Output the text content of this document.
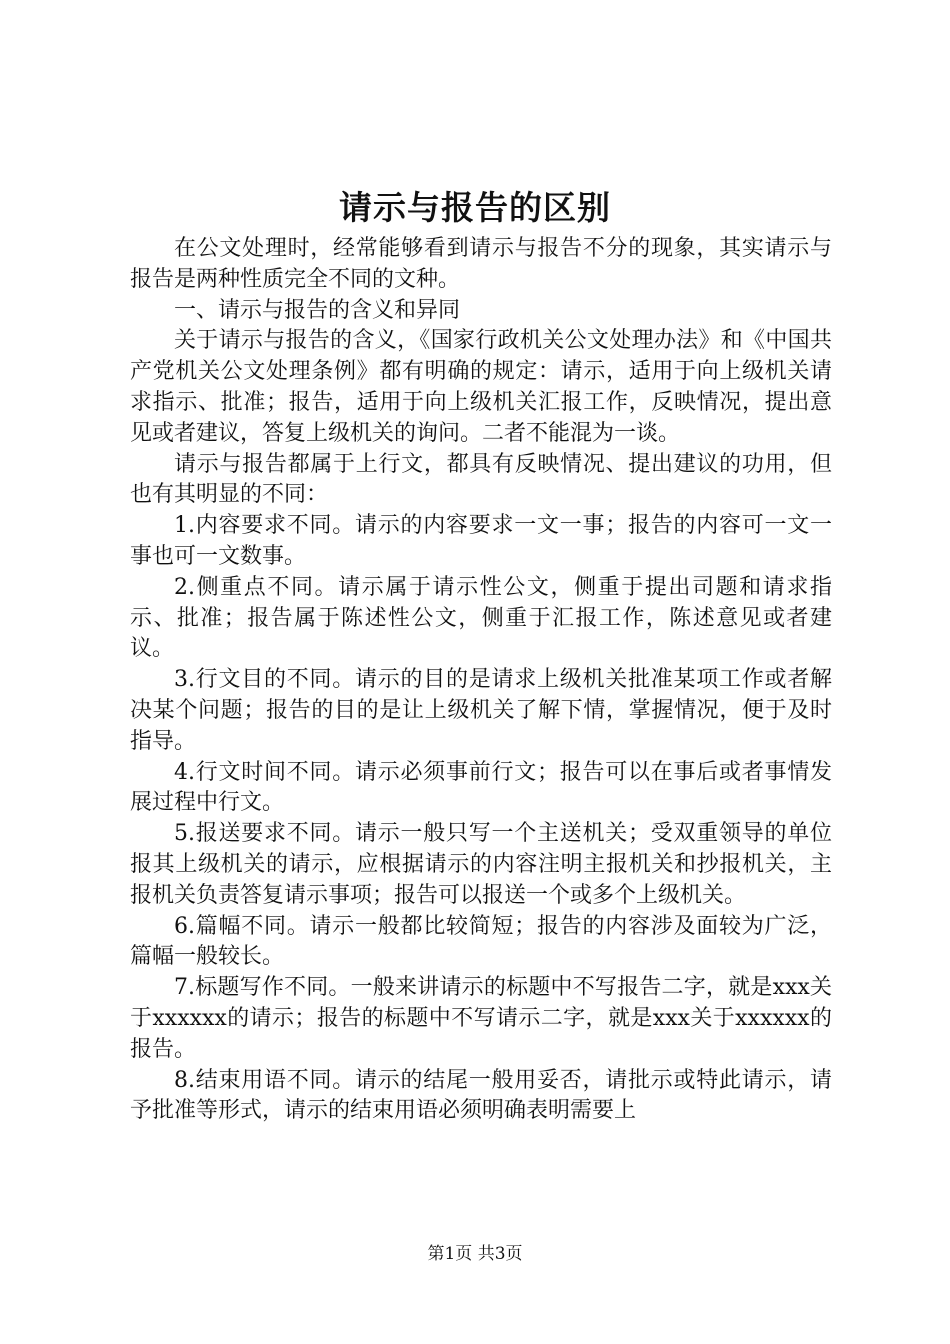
请示与报告的区别

在公文处理时，经常能够看到请示与报告不分的现象，其实请示与报告是两种性质完全不同的文种。

一、请示与报告的含义和异同

关于请示与报告的含义，《国家行政机关公文处理办法》和《中国共产党机关公文处理条例》都有明确的规定：请示，适用于向上级机关请求指示、批准；报告，适用于向上级机关汇报工作，反映情况，提出意见或者建议，答复上级机关的询问。二者不能混为一谈。

请示与报告都属于上行文，都具有反映情况、提出建议的功用，但也有其明显的不同：

1.内容要求不同。请示的内容要求一文一事；报告的内容可一文一事也可一文数事。

2.侧重点不同。请示属于请示性公文，侧重于提出司题和请求指示、批准；报告属于陈述性公文，侧重于汇报工作，陈述意见或者建议。

3.行文目的不同。请示的目的是请求上级机关批准某项工作或者解决某个问题；报告的目的是让上级机关了解下情，掌握情况，便于及时指导。

4.行文时间不同。请示必须事前行文；报告可以在事后或者事情发展过程中行文。

5.报送要求不同。请示一般只写一个主送机关；受双重领导的单位报其上级机关的请示，应根据请示的内容注明主报机关和抄报机关，主报机关负责答复请示事项；报告可以报送一个或多个上级机关。

6.篇幅不同。请示一般都比较简短；报告的内容涉及面较为广泛，篇幅一般较长。

7.标题写作不同。一般来讲请示的标题中不写报告二字，就是xxx关于xxxxxx的请示；报告的标题中不写请示二字，就是xxx关于xxxxxx的报告。

8.结束用语不同。请示的结尾一般用妥否，请批示或特此请示，请予批准等形式，请示的结束用语必须明确表明需要上

第1页 共3页
